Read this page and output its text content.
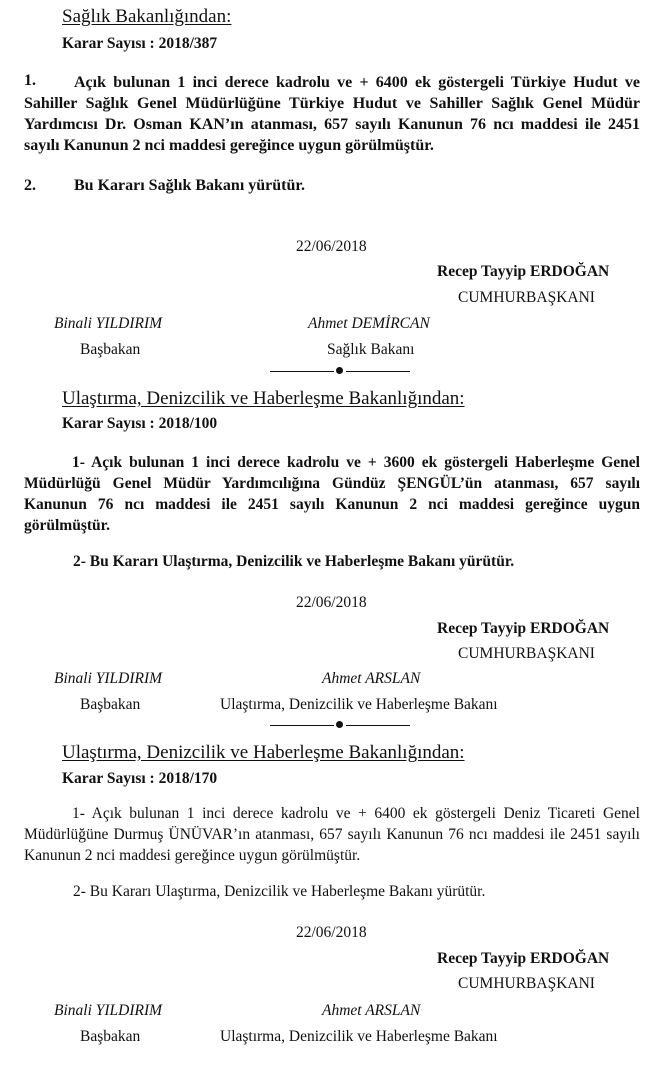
Sağlık Bakanlığından:
Karar Sayısı : 2018/387
1.	Açık bulunan 1 inci derece kadrolu ve + 6400 ek göstergeli Türkiye Hudut ve Sahiller Sağlık Genel Müdürlüğüne Türkiye Hudut ve Sahiller Sağlık Genel Müdür Yardımcısı Dr. Osman KAN’ın atanması, 657 sayılı Kanunun 76 ncı maddesi ile 2451 sayılı Kanunun 2 nci maddesi gereğince uygun görülmüştür.
2. Bu Kararı Sağlık Bakanı yürütür.
22/06/2018
Recep Tayyip ERDOĞAN
CUMHURBAŞKANI
Binali YILDIRIM
Başbakan
Ahmet DEMİRCAN
Sağlık Bakanı
Ulaştırma, Denizcilik ve Haberleşme Bakanlığından:
Karar Sayısı : 2018/100
1- Açık bulunan 1 inci derece kadrolu ve + 3600 ek göstergeli Haberleşme Genel Müdürlüğü Genel Müdür Yardımcılığına Gündüz ŞENGÜL’ün atanması, 657 sayılı Kanunun 76 ncı maddesi ile 2451 sayılı Kanunun 2 nci maddesi gereğince uygun görülmüştür.
2- Bu Kararı Ulaştırma, Denizcilik ve Haberleşme Bakanı yürütür.
22/06/2018
Recep Tayyip ERDOĞAN
CUMHURBAŞKANI
Binali YILDIRIM
Başbakan
Ahmet ARSLAN
Ulaştırma, Denizcilik ve Haberleşme Bakanı
Ulaştırma, Denizcilik ve Haberleşme Bakanlığından:
Karar Sayısı : 2018/170
1- Açık bulunan 1 inci derece kadrolu ve + 6400 ek göstergeli Deniz Ticareti Genel Müdürlüğüne Durmuş ÜNÜVAR’ın atanması, 657 sayılı Kanunun 76 ncı maddesi ile 2451 sayılı Kanunun 2 nci maddesi gereğince uygun görülmüştür.
2- Bu Kararı Ulaştırma, Denizcilik ve Haberleşme Bakanı yürütür.
22/06/2018
Recep Tayyip ERDOĞAN
CUMHURBAŞKANI
Binali YILDIRIM
Başbakan
Ahmet ARSLAN
Ulaştırma, Denizcilik ve Haberleşme Bakanı
